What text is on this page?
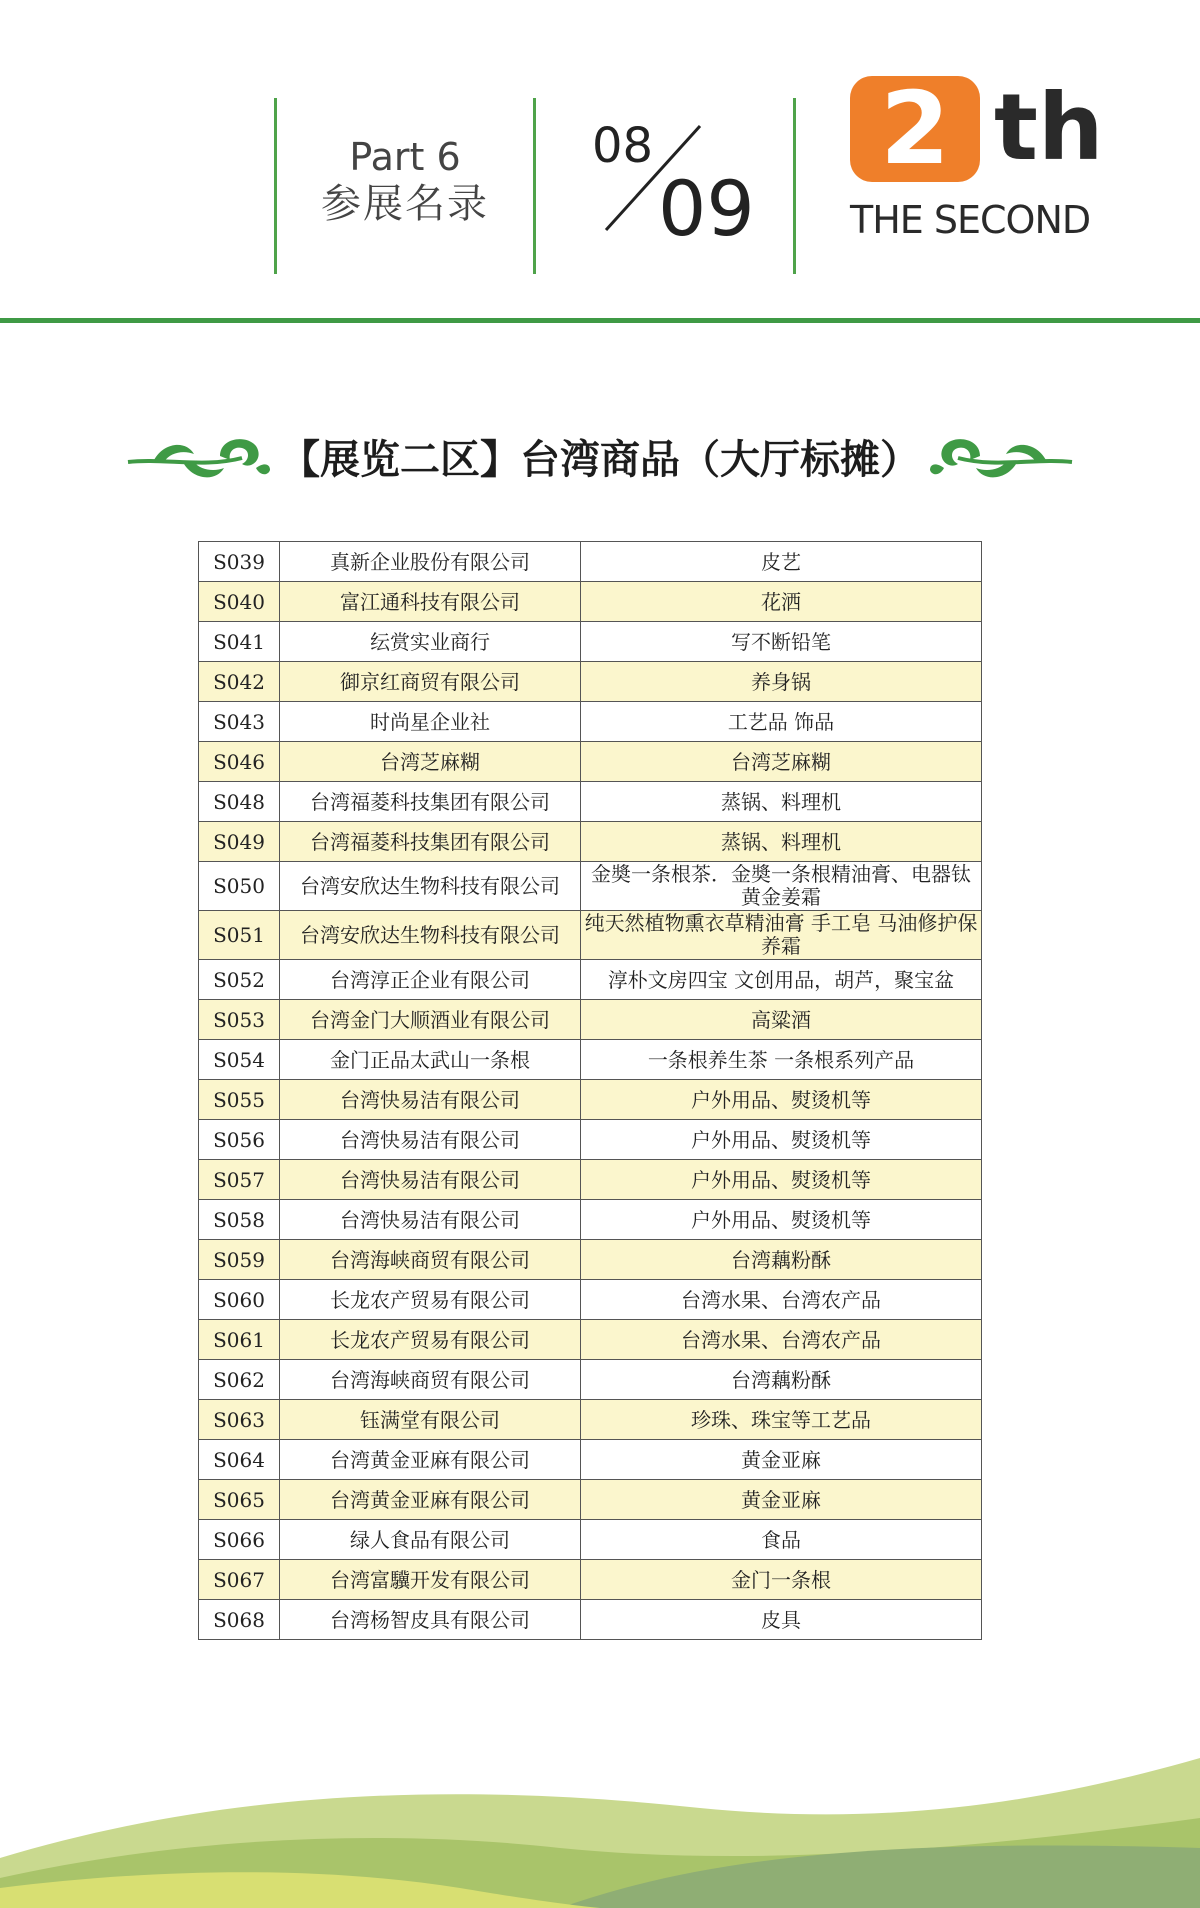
Part 6
参展名录
08
09
2 th
THE SECOND
【展览二区】台湾商品（大厅标摊）
S039	真新企业股份有限公司	皮艺
S040	富江通科技有限公司	花洒
S041	纭赏实业商行	写不断铅笔
S042	御京红商贸有限公司	养身锅
S043	时尚星企业社	工艺品 饰品
S046	台湾芝麻糊	台湾芝麻糊
S048	台湾福菱科技集团有限公司	蒸锅、料理机
S049	台湾福菱科技集团有限公司	蒸锅、料理机
S050	台湾安欣达生物科技有限公司	金奬一条根茶．金奬一条根精油膏、电器钛黄金姜霜
S051	台湾安欣达生物科技有限公司	纯天然植物熏衣草精油膏 手工皂 马油修护保养霜
S052	台湾淳正企业有限公司	淳朴文房四宝 文创用品，胡芦，聚宝盆
S053	台湾金门大顺酒业有限公司	高粱酒
S054	金门正品太武山一条根	一条根养生茶 一条根系列产品
S055	台湾快易洁有限公司	户外用品、熨烫机等
S056	台湾快易洁有限公司	户外用品、熨烫机等
S057	台湾快易洁有限公司	户外用品、熨烫机等
S058	台湾快易洁有限公司	户外用品、熨烫机等
S059	台湾海峡商贸有限公司	台湾藕粉酥
S060	长龙农产贸易有限公司	台湾水果、台湾农产品
S061	长龙农产贸易有限公司	台湾水果、台湾农产品
S062	台湾海峡商贸有限公司	台湾藕粉酥
S063	钰满堂有限公司	珍珠、珠宝等工艺品
S064	台湾黄金亚麻有限公司	黄金亚麻
S065	台湾黄金亚麻有限公司	黄金亚麻
S066	绿人食品有限公司	食品
S067	台湾富驥开发有限公司	金门一条根
S068	台湾杨智皮具有限公司	皮具
